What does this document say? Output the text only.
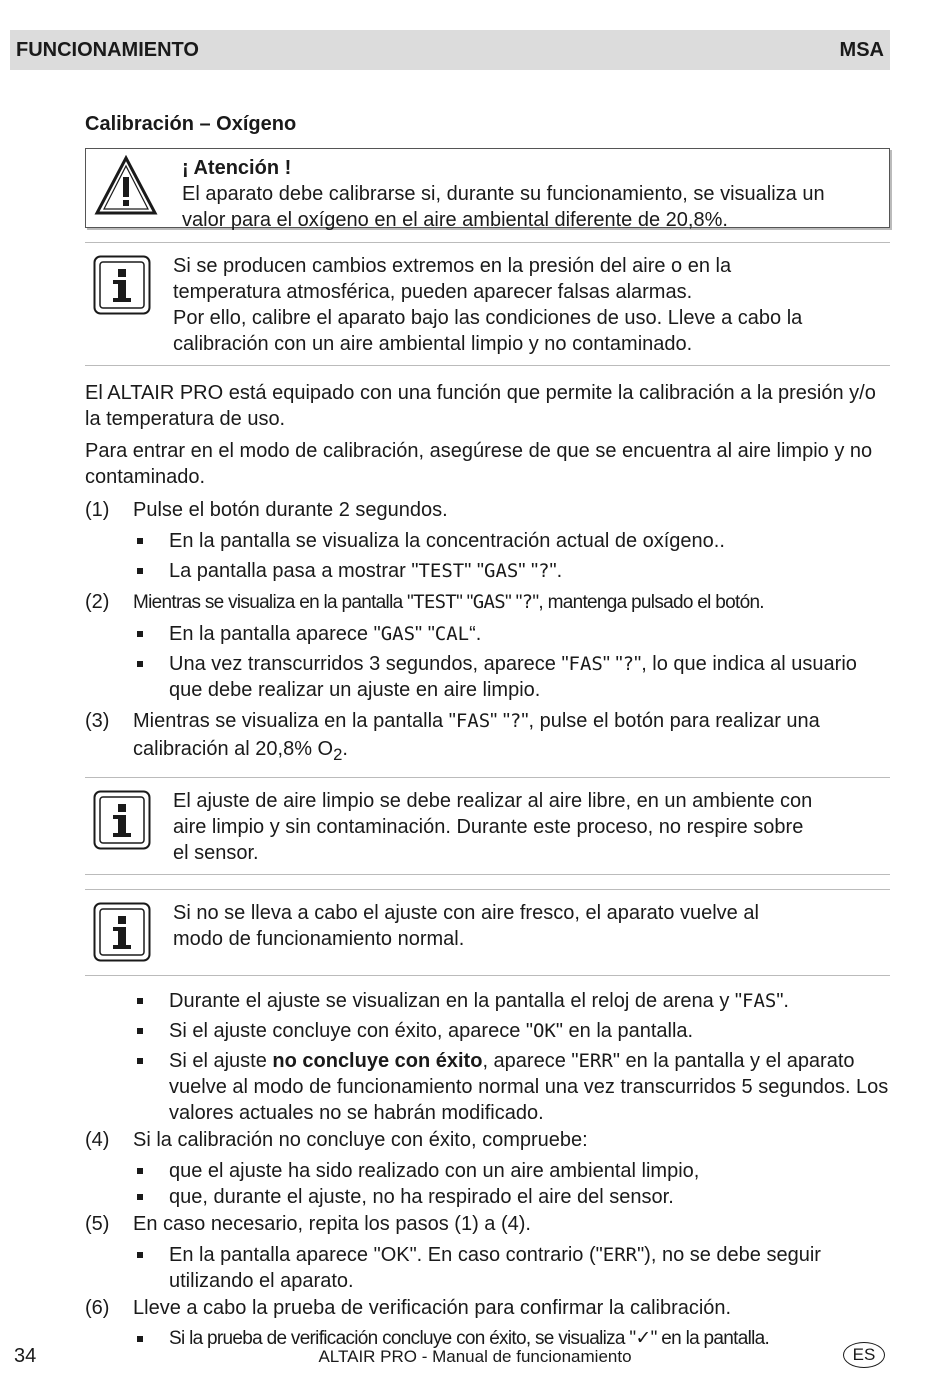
FUNCIONAMIENTO	MSA
Calibración – Oxígeno
¡ Atención !
El aparato debe calibrarse si, durante su funcionamiento, se visualiza un
valor para el oxígeno en el aire ambiental diferente de 20,8%.
Si se producen cambios extremos en la presión del aire o en la
temperatura atmosférica, pueden aparecer falsas alarmas.
Por ello, calibre el aparato bajo las condiciones de uso. Lleve a cabo la
calibración con un aire ambiental limpio y no contaminado.

El ALTAIR PRO está equipado con una función que permite la calibración a la presión y/o la temperatura de uso.

Para entrar en el modo de calibración, asegúrese de que se encuentra al aire limpio y no contaminado.

(1)	Pulse el botón durante 2 segundos.
En la pantalla se visualiza la concentración actual de oxígeno..
La pantalla pasa a mostrar "TEST" "GAS" "?".
(2)	Mientras se visualiza en la pantalla "TEST" "GAS" "?", mantenga pulsado el botón.
En la pantalla aparece "GAS" "CAL“.
Una vez transcurridos 3 segundos, aparece "FAS" "?", lo que indica al usuario que debe realizar un ajuste en aire limpio.
(3)	Mientras se visualiza en la pantalla "FAS" "?", pulse el botón para realizar una calibración al 20,8% $O_2$.
El ajuste de aire limpio se debe realizar al aire libre, en un ambiente con
aire limpio y sin contaminación. Durante este proceso, no respire sobre
el sensor.
Si no se lleva a cabo el ajuste con aire fresco, el aparato vuelve al
modo de funcionamiento normal.
Durante el ajuste se visualizan en la pantalla el reloj de arena y "FAS".
Si el ajuste concluye con éxito, aparece "OK" en la pantalla.
Si el ajuste no concluye con éxito, aparece "ERR" en la pantalla y el aparato vuelve al modo de funcionamiento normal una vez transcurridos 5 segundos. Los valores actuales no se habrán modificado.
(4)	Si la calibración no concluye con éxito, compruebe:
que el ajuste ha sido realizado con un aire ambiental limpio,
que, durante el ajuste, no ha respirado el aire del sensor.
(5)	En caso necesario, repita los pasos (1) a (4).
En la pantalla aparece "OK". En caso contrario ("ERR"), no se debe seguir utilizando el aparato.
(6)	Lleve a cabo la prueba de verificación para confirmar la calibración.
Si la prueba de verificación concluye con éxito, se visualiza "✓" en la pantalla.
34	ALTAIR PRO - Manual de funcionamiento	ES
